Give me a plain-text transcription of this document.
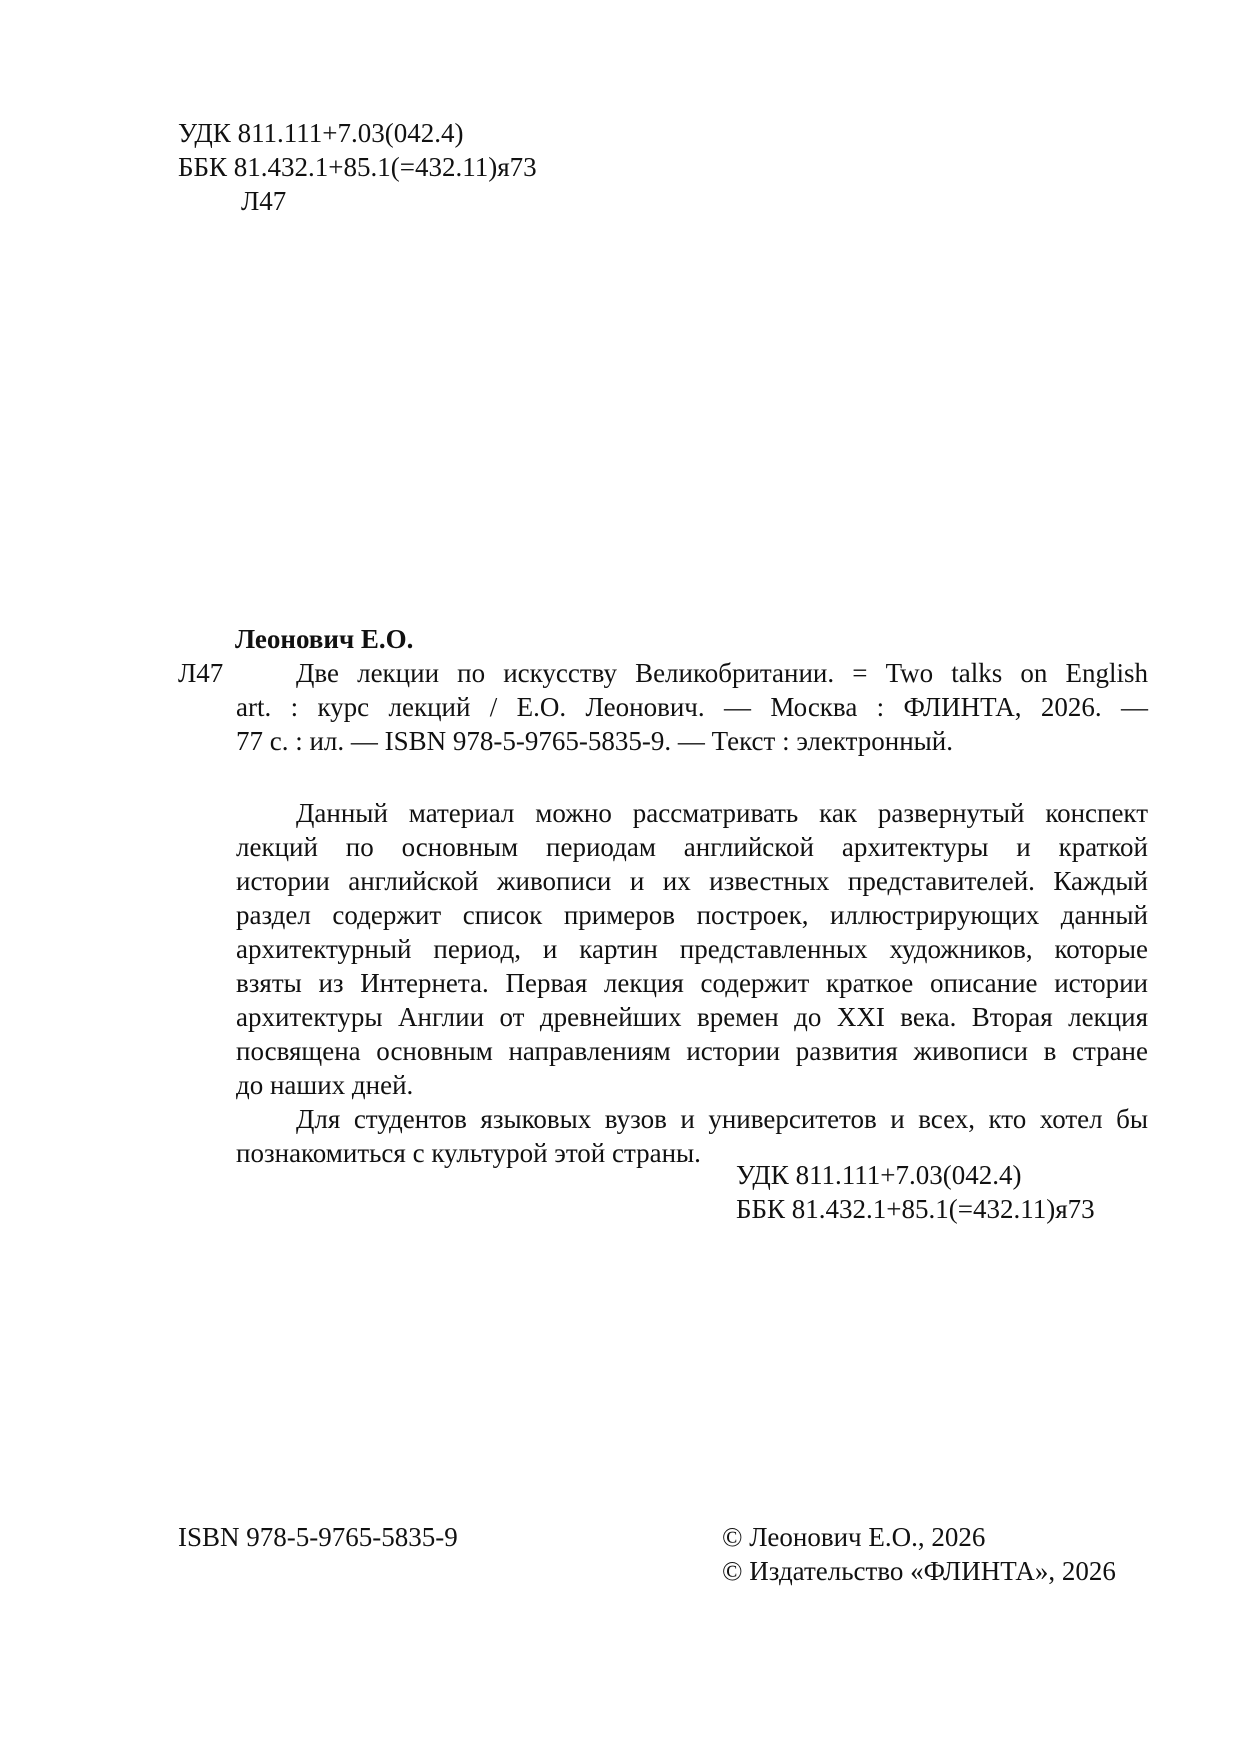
УДК 811.111+7.03(042.4)
ББК 81.432.1+85.1(=432.11)я73
Л47
Леонович Е.О.
Л47	Две лекции по искусству Великобритании. = Two talks on English
art. : курс лекций / Е.О. Леонович. — Москва : ФЛИНТА, 2026. —
77 с. : ил. — ISBN 978-5-9765-5835-9. — Текст : электронный.
Данный материал можно рассматривать как развернутый конспект
лекций по основным периодам английской архитектуры и краткой
истории английской живописи и их известных представителей. Каждый
раздел содержит список примеров построек, иллюстрирующих данный
архитектурный период, и картин представленных художников, которые
взяты из Интернета. Первая лекция содержит краткое описание истории
архитектуры Англии от древнейших времен до XXI века. Вторая лекция
посвящена основным направлениям истории развития живописи в стране
до наших дней.
Для студентов языковых вузов и университетов и всех, кто хотел бы
познакомиться с культурой этой страны.
УДК 811.111+7.03(042.4)
ББК 81.432.1+85.1(=432.11)я73
ISBN 978-5-9765-5835-9	© Леонович Е.О., 2026
© Издательство «ФЛИНТА», 2026
